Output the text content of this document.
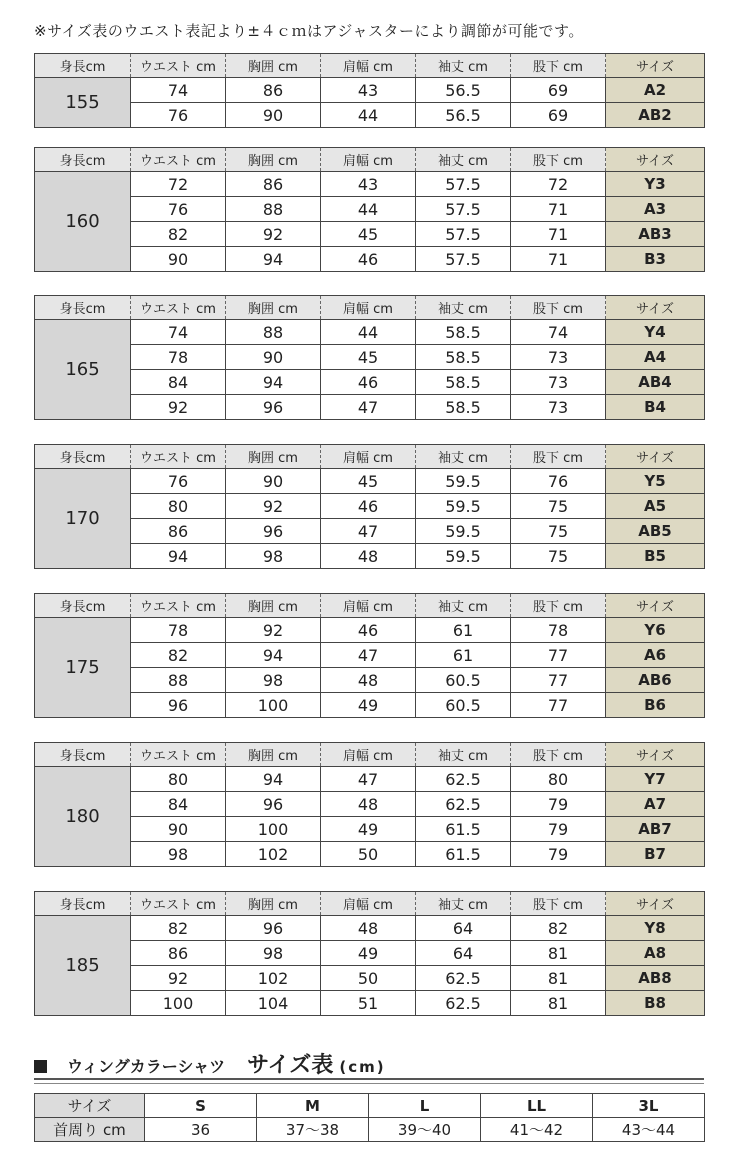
※サイズ表のウエスト表記より±４ｃｍはアジャスターにより調節が可能です。
身長cm	ウエスト cm	胸囲 cm	肩幅 cm	袖丈 cm	股下 cm	サイズ
155	74	86	43	56.5	69	A2
	76	90	44	56.5	69	AB2
身長cm	ウエスト cm	胸囲 cm	肩幅 cm	袖丈 cm	股下 cm	サイズ
160	72	86	43	57.5	72	Y3
	76	88	44	57.5	71	A3
	82	92	45	57.5	71	AB3
	90	94	46	57.5	71	B3
身長cm	ウエスト cm	胸囲 cm	肩幅 cm	袖丈 cm	股下 cm	サイズ
165	74	88	44	58.5	74	Y4
	78	90	45	58.5	73	A4
	84	94	46	58.5	73	AB4
	92	96	47	58.5	73	B4
身長cm	ウエスト cm	胸囲 cm	肩幅 cm	袖丈 cm	股下 cm	サイズ
170	76	90	45	59.5	76	Y5
	80	92	46	59.5	75	A5
	86	96	47	59.5	75	AB5
	94	98	48	59.5	75	B5
身長cm	ウエスト cm	胸囲 cm	肩幅 cm	袖丈 cm	股下 cm	サイズ
175	78	92	46	61	78	Y6
	82	94	47	61	77	A6
	88	98	48	60.5	77	AB6
	96	100	49	60.5	77	B6
身長cm	ウエスト cm	胸囲 cm	肩幅 cm	袖丈 cm	股下 cm	サイズ
180	80	94	47	62.5	80	Y7
	84	96	48	62.5	79	A7
	90	100	49	61.5	79	AB7
	98	102	50	61.5	79	B7
身長cm	ウエスト cm	胸囲 cm	肩幅 cm	袖丈 cm	股下 cm	サイズ
185	82	96	48	64	82	Y8
	86	98	49	64	81	A8
	92	102	50	62.5	81	AB8
	100	104	51	62.5	81	B8
ウィングカラーシャツ サイズ表 (cm)
サイズ	S	M	L	LL	3L
首周り cm	36	37〜38	39〜40	41〜42	43〜44
